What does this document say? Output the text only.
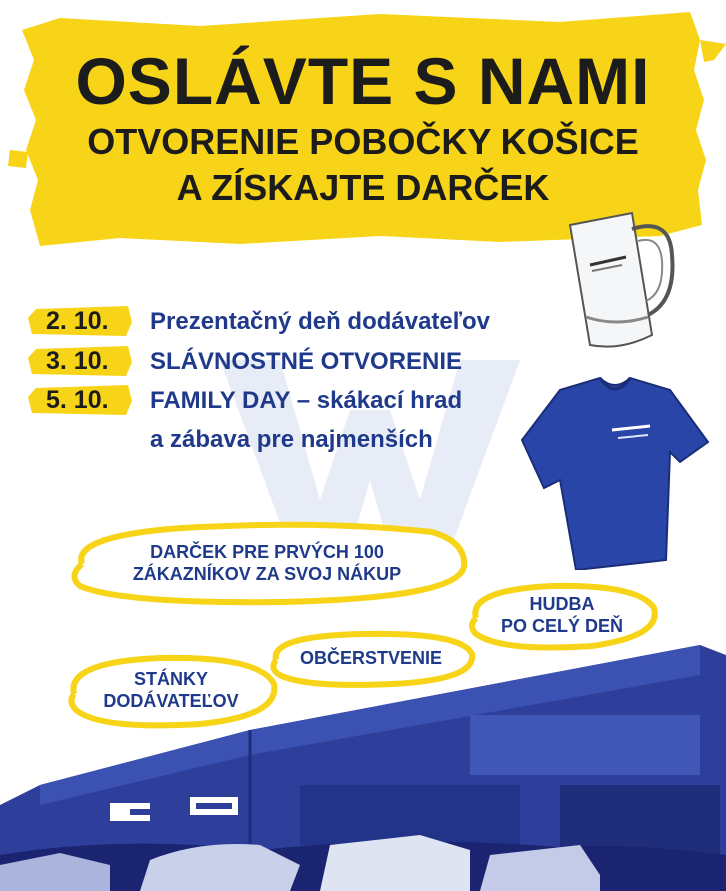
OSLÁVTE S NAMI
OTVORENIE POBOČKY KOŠICE
A ZÍSKAJTE DARČEK
2. 10. Prezentačný deň dodávateľov
3. 10. SLÁVNOSTNÉ OTVORENIE
5. 10. FAMILY DAY – skákací hrad
a zábava pre najmenších
DARČEK PRE PRVÝCH 100
ZÁKAZNÍKOV ZA SVOJ NÁKUP
HUDBA
PO CELÝ DEŇ
OBČERSTVENIE
STÁNKY
DODÁVATEĽOV
